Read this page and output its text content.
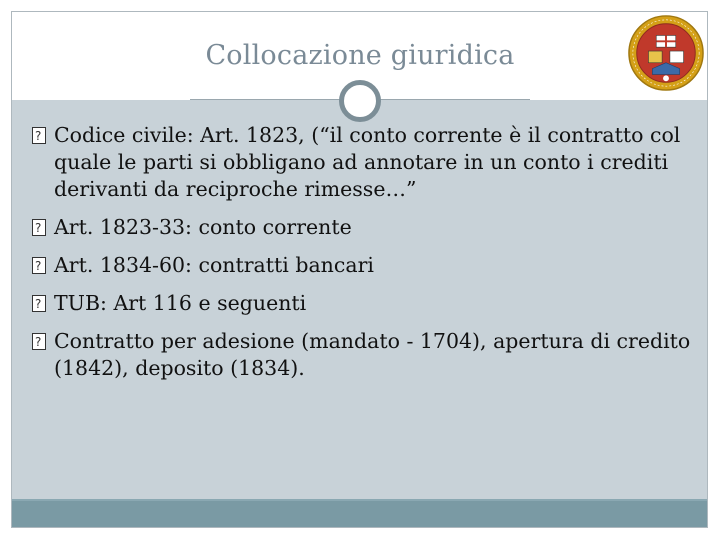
Collocazione giuridica
?
Codice civile: Art. 1823, (“il conto corrente è il contratto col quale le parti si obbligano ad annotare in un conto i crediti derivanti da reciproche rimesse…”
?
Art. 1823-33: conto corrente
?
Art. 1834-60: contratti bancari
?
TUB: Art 116 e seguenti
?
Contratto per adesione (mandato - 1704), apertura di credito (1842), deposito (1834).
